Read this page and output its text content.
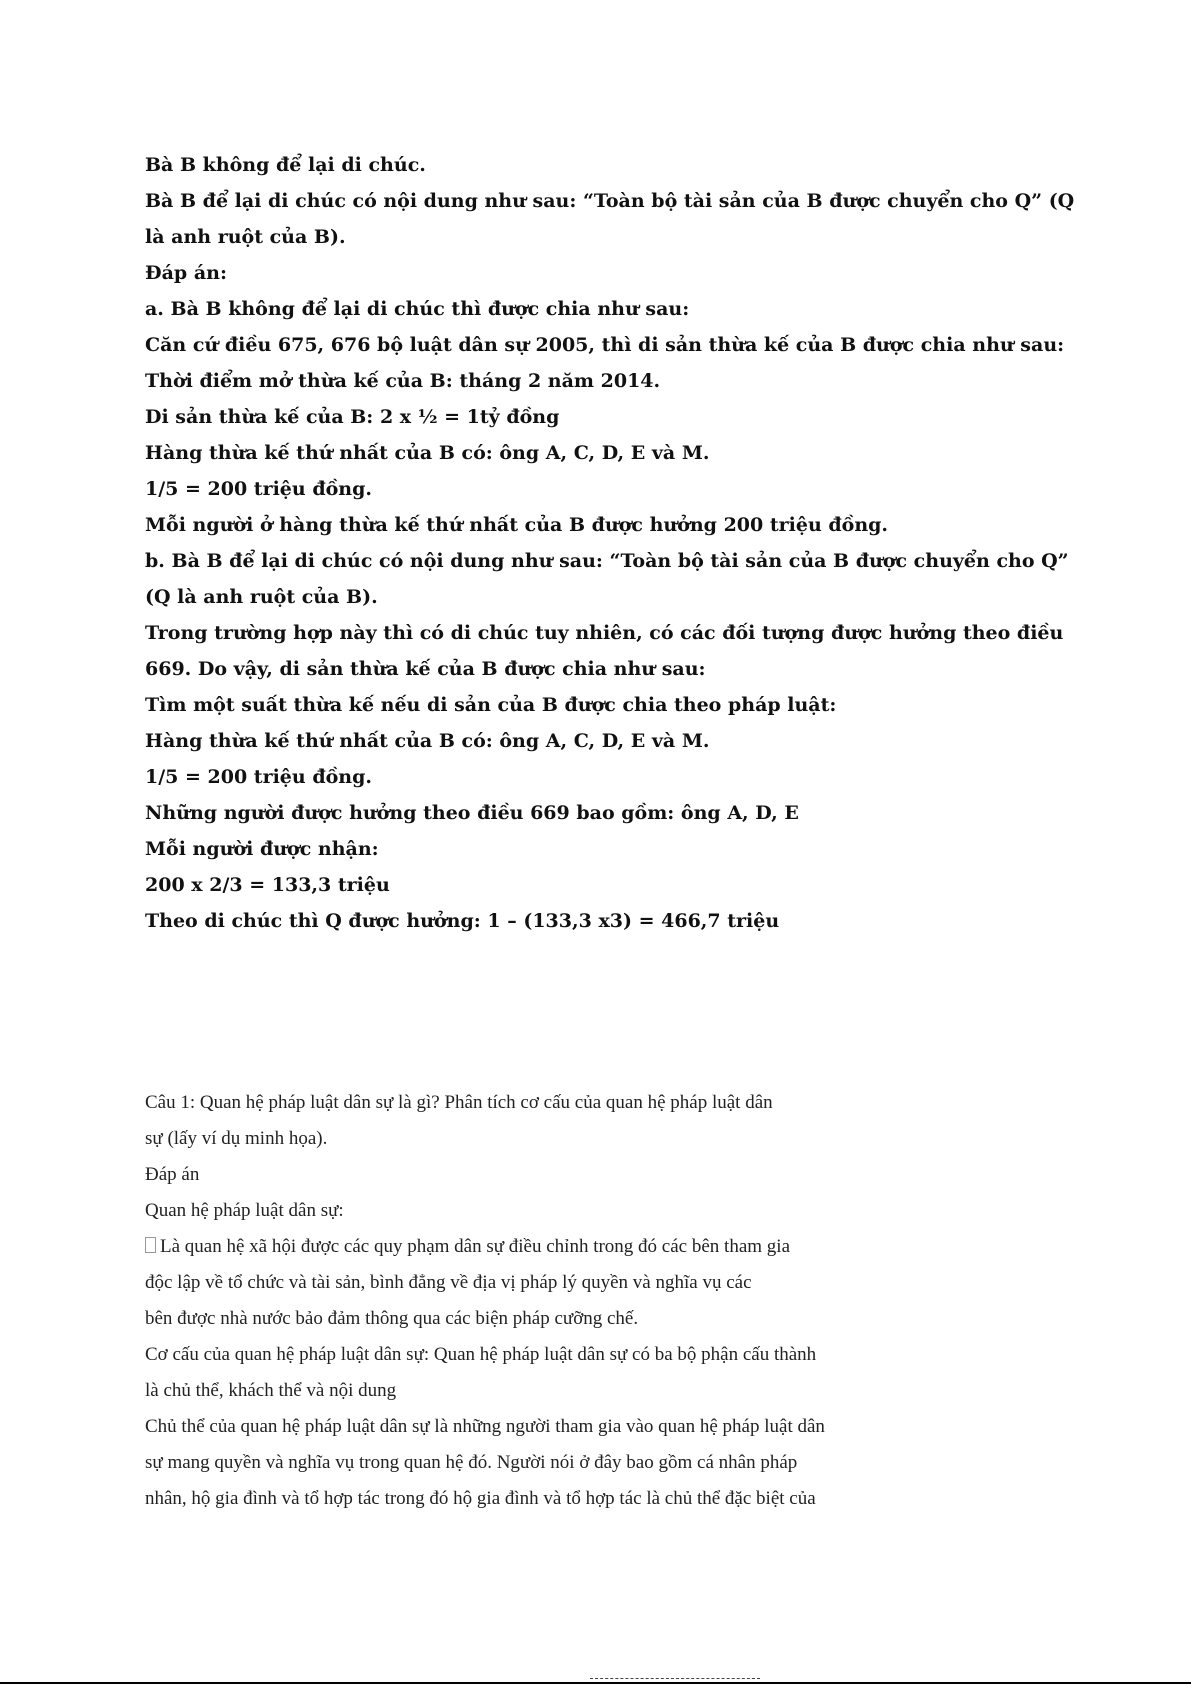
Bà B không để lại di chúc.
Bà B để lại di chúc có nội dung như sau: “Toàn bộ tài sản của B được chuyển cho Q” (Q
là anh ruột của B).
Đáp án:
a. Bà B không để lại di chúc thì được chia như sau:
Căn cứ điều 675, 676 bộ luật dân sự 2005, thì di sản thừa kế của B được chia như sau:
Thời điểm mở thừa kế của B: tháng 2 năm 2014.
Di sản thừa kế của B: 2 x ½ = 1tỷ đồng
Hàng thừa kế thứ nhất của B có: ông A, C, D, E và M.
1/5 = 200 triệu đồng.
Mỗi người ở hàng thừa kế thứ nhất của B được hưởng 200 triệu đồng.
b. Bà B để lại di chúc có nội dung như sau: “Toàn bộ tài sản của B được chuyển cho Q”
(Q là anh ruột của B).
Trong trường hợp này thì có di chúc tuy nhiên, có các đối tượng được hưởng theo điều
669. Do vậy, di sản thừa kế của B được chia như sau:
Tìm một suất thừa kế nếu di sản của B được chia theo pháp luật:
Hàng thừa kế thứ nhất của B có: ông A, C, D, E và M.
1/5 = 200 triệu đồng.
Những người được hưởng theo điều 669 bao gồm: ông A, D, E
Mỗi người được nhận:
200 x 2/3 = 133,3 triệu
Theo di chúc thì Q được hưởng: 1 – (133,3 x3) = 466,7 triệu
Câu 1: Quan hệ pháp luật dân sự là gì? Phân tích cơ cấu của quan hệ pháp luật dân
sự (lấy ví dụ minh họa).
Đáp án
Quan hệ pháp luật dân sự:
Là quan hệ xã hội được các quy phạm dân sự điều chỉnh trong đó các bên tham gia
độc lập về tổ chức và tài sản, bình đẳng về địa vị pháp lý quyền và nghĩa vụ các
bên được nhà nước bảo đảm thông qua các biện pháp cưỡng chế.
Cơ cấu của quan hệ pháp luật dân sự: Quan hệ pháp luật dân sự có ba bộ phận cấu thành
là chủ thể, khách thể và nội dung
Chủ thể của quan hệ pháp luật dân sự là những người tham gia vào quan hệ pháp luật dân
sự mang quyền và nghĩa vụ trong quan hệ đó. Người nói ở đây bao gồm cá nhân pháp
nhân, hộ gia đình và tổ hợp tác trong đó hộ gia đình và tổ hợp tác là chủ thể đặc biệt của
